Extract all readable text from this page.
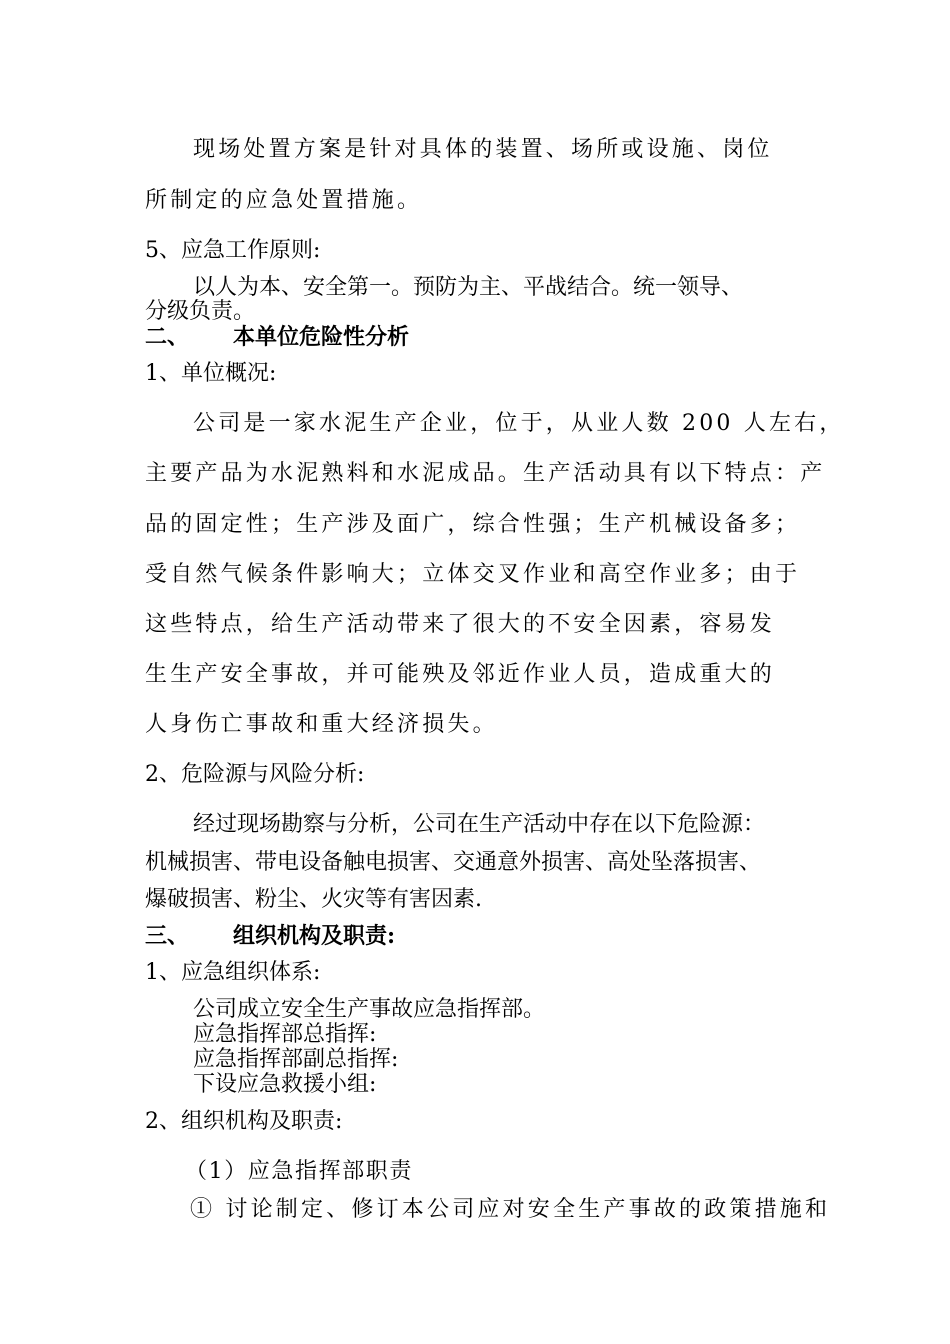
现场处置方案是针对具体的装置、场所或设施、岗位

所制定的应急处置措施。

5、应急工作原则:

以人为本、安全第一。预防为主、平战结合。统一领导、

分级负责。

二、 本单位危险性分析

1、单位概况:

公司是一家水泥生产企业，位于，从业人数 200 人左右，

主要产品为水泥熟料和水泥成品。生产活动具有以下特点：产

品的固定性；生产涉及面广，综合性强；生产机械设备多；

受自然气候条件影响大；立体交叉作业和高空作业多；由于

这些特点，给生产活动带来了很大的不安全因素，容易发

生生产安全事故，并可能殃及邻近作业人员，造成重大的

人身伤亡事故和重大经济损失。

2、危险源与风险分析:

经过现场勘察与分析，公司在生产活动中存在以下危险源：

机械损害、带电设备触电损害、交通意外损害、高处坠落损害、

爆破损害、粉尘、火灾等有害因素.

三、 组织机构及职责:

1、应急组织体系:

公司成立安全生产事故应急指挥部。

应急指挥部总指挥:

应急指挥部副总指挥:

下设应急救援小组:

2、组织机构及职责:

（1）应急指挥部职责

① 讨论制定、修订本公司应对安全生产事故的政策措施和
